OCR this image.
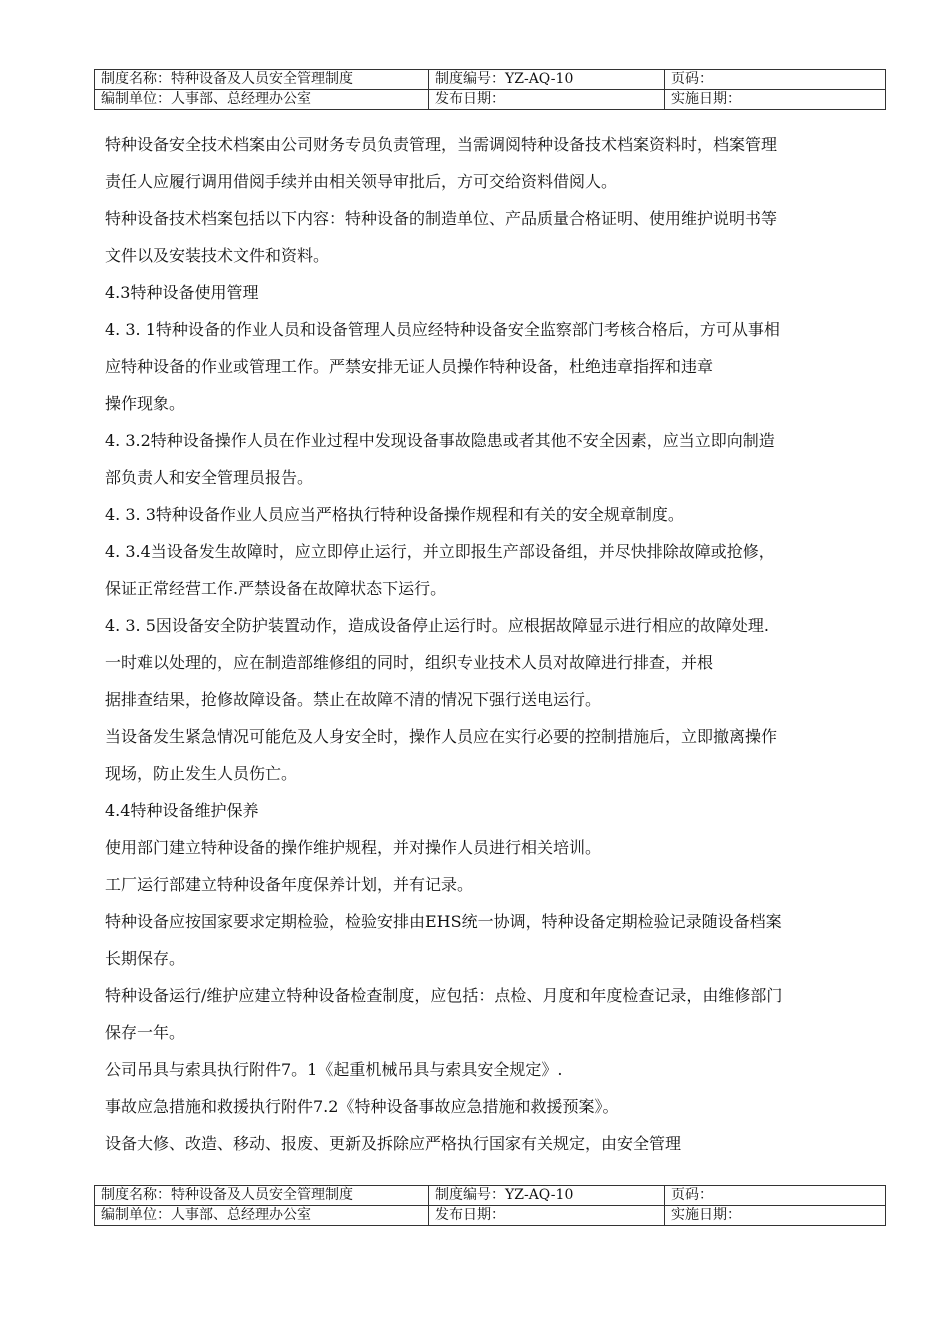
制度名称：特种设备及人员安全管理制度	制度编号：YZ-AQ-10	页码：
编制单位：人事部、总经理办公室	发布日期：	实施日期：

特种设备安全技术档案由公司财务专员负责管理，当需调阅特种设备技术档案资料时，档案管理
责任人应履行调用借阅手续并由相关领导审批后，方可交给资料借阅人。

特种设备技术档案包括以下内容：特种设备的制造单位、产品质量合格证明、使用维护说明书等
文件以及安装技术文件和资料。

4.3特种设备使用管理

4. 3. 1特种设备的作业人员和设备管理人员应经特种设备安全监察部门考核合格后，方可从事相
应特种设备的作业或管理工作。严禁安排无证人员操作特种设备，杜绝违章指挥和违章
操作现象。

4. 3.2特种设备操作人员在作业过程中发现设备事故隐患或者其他不安全因素，应当立即向制造
部负责人和安全管理员报告。

4. 3. 3特种设备作业人员应当严格执行特种设备操作规程和有关的安全规章制度。

4. 3.4当设备发生故障时，应立即停止运行，并立即报生产部设备组，并尽快排除故障或抢修，
保证正常经营工作.严禁设备在故障状态下运行。

4. 3. 5因设备安全防护装置动作，造成设备停止运行时。应根据故障显示进行相应的故障处理.
一时难以处理的，应在制造部维修组的同时，组织专业技术人员对故障进行排查，并根
据排查结果，抢修故障设备。禁止在故障不清的情况下强行送电运行。

当设备发生紧急情况可能危及人身安全时，操作人员应在实行必要的控制措施后，立即撤离操作
现场，防止发生人员伤亡。

4.4特种设备维护保养

使用部门建立特种设备的操作维护规程，并对操作人员进行相关培训。

工厂运行部建立特种设备年度保养计划，并有记录。

特种设备应按国家要求定期检验，检验安排由EHS统一协调，特种设备定期检验记录随设备档案
长期保存。

特种设备运行/维护应建立特种设备检查制度，应包括：点检、月度和年度检查记录，由维修部门
保存一年。

公司吊具与索具执行附件7。1《起重机械吊具与索具安全规定》.

事故应急措施和救援执行附件7.2《特种设备事故应急措施和救援预案》。

设备大修、改造、移动、报废、更新及拆除应严格执行国家有关规定，由安全管理

制度名称：特种设备及人员安全管理制度	制度编号：YZ-AQ-10	页码：
编制单位：人事部、总经理办公室	发布日期：	实施日期：
